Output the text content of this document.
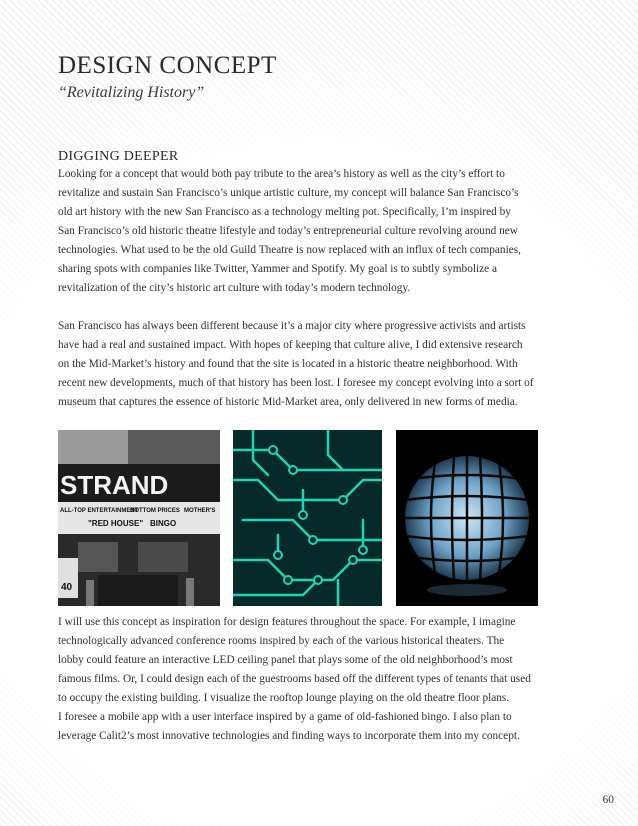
DESIGN CONCEPT
“Revitalizing History”
DIGGING DEEPER
Looking for a concept that would both pay tribute to the area’s history as well as the city’s effort to
revitalize and sustain San Francisco’s unique artistic culture, my concept will balance San Francisco’s
old art history with the new San Francisco as a technology melting pot. Specifically, I’m inspired by
San Francisco’s old historic theatre lifestyle and today’s entrepreneurial culture revolving around new
technologies. What used to be the old Guild Theatre is now replaced with an influx of tech companies,
sharing spots with companies like Twitter, Yammer and Spotify. My goal is to subtly symbolize a
revitalization of the city’s historic art culture with today’s modern technology.
San Francisco has always been different because it’s a major city where progressive activists and artists
have had a real and sustained impact. With hopes of keeping that culture alive, I did extensive research
on the Mid-Market’s history and found that the site is located in a historic theatre neighborhood. With
recent new developments, much of that history has been lost. I foresee my concept evolving into a sort of
museum that captures the essence of historic Mid-Market area, only delivered in new forms of media.
STRAND
ALL-TOP ENTERTAINMENT
BOTTOM PRICES MOTHER'S
"RED HOUSE" BINGO
40
I will use this concept as inspiration for design features throughout the space. For example, I imagine
technologically advanced conference rooms inspired by each of the various historical theaters. The
lobby could feature an interactive LED ceiling panel that plays some of the old neighborhood’s most
famous films. Or, I could design each of the guestrooms based off the different types of tenants that used
to occupy the existing building. I visualize the rooftop lounge playing on the old theatre floor plans.
I foresee a mobile app with a user interface inspired by a game of old-fashioned bingo. I also plan to
leverage Calit2’s most innovative technologies and finding ways to incorporate them into my concept.
60
